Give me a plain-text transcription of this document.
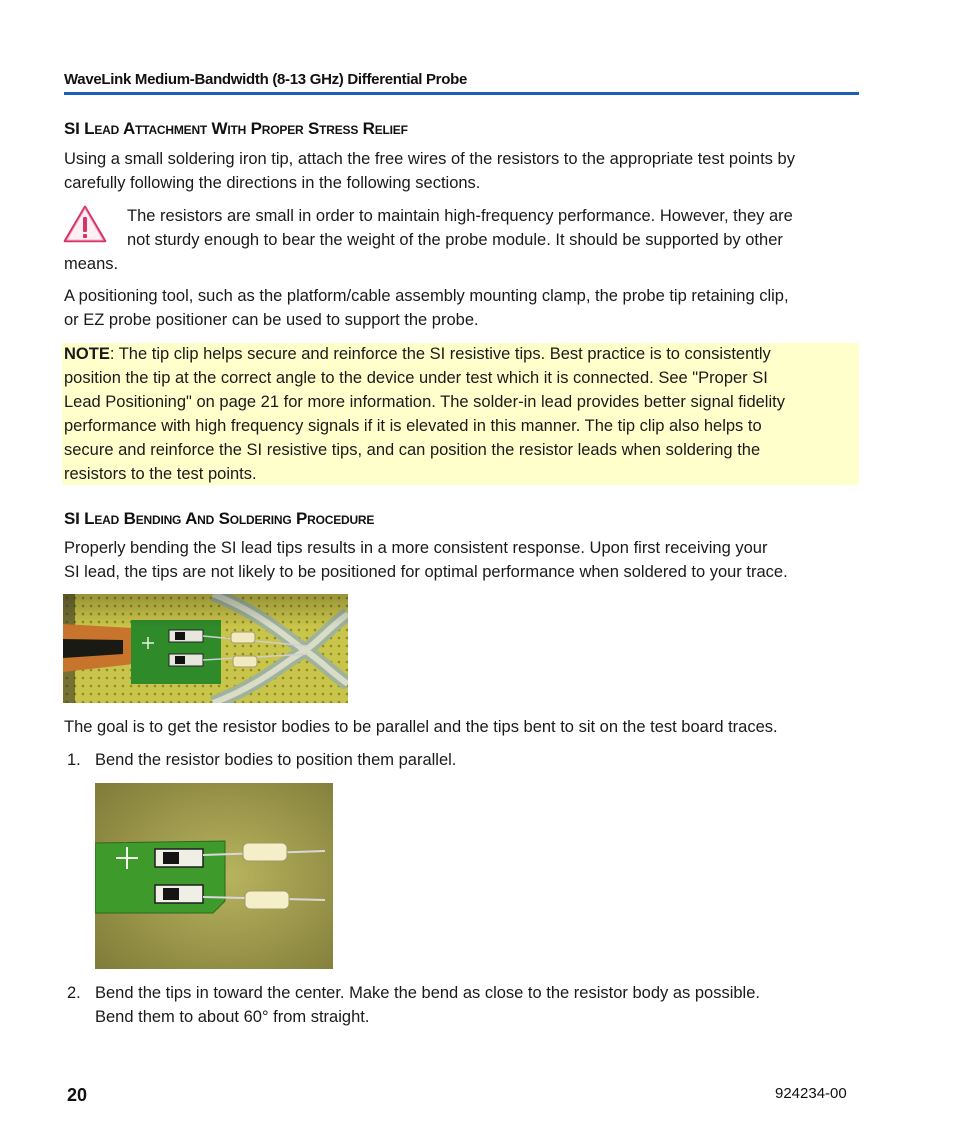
WaveLink Medium-Bandwidth (8-13 GHz) Differential Probe
SI Lead Attachment With Proper Stress Relief
Using a small soldering iron tip, attach the free wires of the resistors to the appropriate test points by
carefully following the directions in the following sections.
The resistors are small in order to maintain high-frequency performance. However, they are
not sturdy enough to bear the weight of the probe module. It should be supported by other
means.
A positioning tool, such as the platform/cable assembly mounting clamp, the probe tip retaining clip,
or EZ probe positioner can be used to support the probe.
NOTE: The tip clip helps secure and reinforce the SI resistive tips. Best practice is to consistently
position the tip at the correct angle to the device under test which it is connected. See "Proper SI
Lead Positioning" on page 21 for more information. The solder-in lead provides better signal fidelity
performance with high frequency signals if it is elevated in this manner. The tip clip also helps to
secure and reinforce the SI resistive tips, and can position the resistor leads when soldering the
resistors to the test points.
SI Lead Bending And Soldering Procedure
Properly bending the SI lead tips results in a more consistent response. Upon first receiving your
SI lead, the tips are not likely to be positioned for optimal performance when soldered to your trace.
The goal is to get the resistor bodies to be parallel and the tips bent to sit on the test board traces.
1. Bend the resistor bodies to position them parallel.
2. Bend the tips in toward the center. Make the bend as close to the resistor body as possible.
Bend them to about 60° from straight.
20	924234-00
